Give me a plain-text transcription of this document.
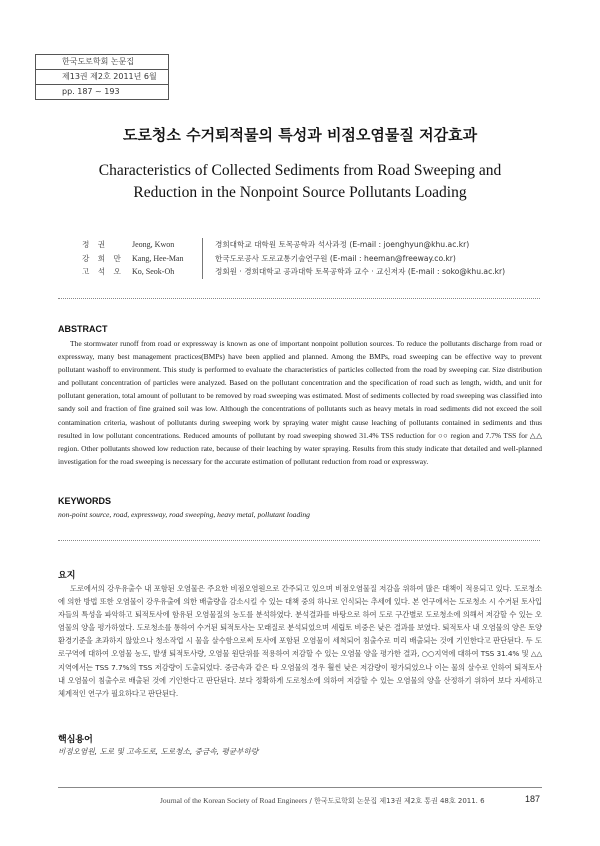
한국도로학회 논문집
제13권 제2호 2011년 6월
pp. 187 ~ 193
도로청소 수거퇴적물의 특성과 비점오염물질 저감효과
Characteristics of Collected Sediments from Road Sweeping and Reduction in the Nonpoint Source Pollutants Loading
정 권	Jeong, Kwon	경희대학교 대학원 토목공학과 석사과정 (E-mail : joenghyun@khu.ac.kr)
강 희 만	Kang, Hee-Man	한국도로공사 도로교통기술연구원 (E-mail : heeman@freeway.co.kr)
고 석 오	Ko, Seok-Oh	정회원 · 경희대학교 공과대학 토목공학과 교수 · 교신저자 (E-mail : soko@khu.ac.kr)
ABSTRACT

The stormwater runoff from road or expressway is known as one of important nonpoint pollution sources. To reduce the pollutants discharge from road or expressway, many best management practices(BMPs) have been applied and planned. Among the BMPs, road sweeping can be effective way to prevent pollutant washoff to environment. This study is performed to evaluate the characteristics of particles collected from the road by sweeping car. Size distribution and pollutant concentration of particles were analyzed. Based on the pollutant concentration and the specification of road such as length, width, and unit for pollutant generation, total amount of pollutant to be removed by road sweeping was estimated. Most of sediments collected by road sweeping was classified into sandy soil and fraction of fine grained soil was low. Although the concentrations of pollutants such as heavy metals in road sediments did not exceed the soil contamination criteria, washout of pollutants during sweeping work by spraying water might cause leaching of pollutants contained in sediments and thus resulted in low pollutant concentrations. Reduced amounts of pollutant by road sweeping showed 31.4% TSS reduction for ○○ region and 7.7% TSS for △△ region. Other pollutants showed low reduction rate, because of their leaching by water spraying. Results from this study indicate that detailed and well-planned investigation for the road sweeping is necessary for the accurate estimation of pollutant reduction from road or expressway.

KEYWORDS
non-point source, road, expressway, road sweeping, heavy metal, pollutant loading
요지

도로에서의 강우유출수 내 포함된 오염물은 주요한 비점오염원으로 간주되고 있으며 비점오염물질 저감을 위하여 많은 대책이 적용되고 있다. 도로청소에 의한 방법 또한 오염물이 강우유출에 의한 배출량을 감소시킬 수 있는 대책 중의 하나로 인식되는 추세에 있다. 본 연구에서는 도로청소 시 수거된 토사입자들의 특성을 파악하고 퇴적토사에 함유된 오염물질의 농도를 분석하였다. 분석결과를 바탕으로 하여 도로 구간별로 도로청소에 의해서 저감할 수 있는 오염물의 양을 평가하였다. 도로청소를 통하여 수거된 퇴적토사는 모래질로 분석되었으며 세립토 비중은 낮은 결과를 보였다. 퇴적토사 내 오염물의 양은 토양환경기준을 초과하지 않았으나 청소작업 시 물을 살수함으로써 토사에 포함된 오염물이 세척되어 침출수로 미리 배출되는 것에 기인한다고 판단된다. 두 도로구역에 대하여 오염물 농도, 발생 퇴적토사량, 오염물 원단위를 적용하여 저감할 수 있는 오염물 양을 평가한 결과, ○○지역에 대하여 TSS 31.4% 및 △△지역에서는 TSS 7.7%의 TSS 저감량이 도출되었다. 중금속과 같은 타 오염물의 경우 훨씬 낮은 저감량이 평가되었으나 이는 물의 살수로 인하여 퇴적토사 내 오염물이 침출수로 배출된 것에 기인한다고 판단된다. 보다 정확하게 도로청소에 의하여 저감할 수 있는 오염물의 양을 산정하기 위하여 보다 자세하고 체계적인 연구가 필요하다고 판단된다.

핵심용어
비점오염원, 도로 및 고속도로, 도로청소, 중금속, 평균부하량
Journal of the Korean Society of Road Engineers / 한국도로학회 논문집 제13권 제2호 통권 48호 2011. 6	187
